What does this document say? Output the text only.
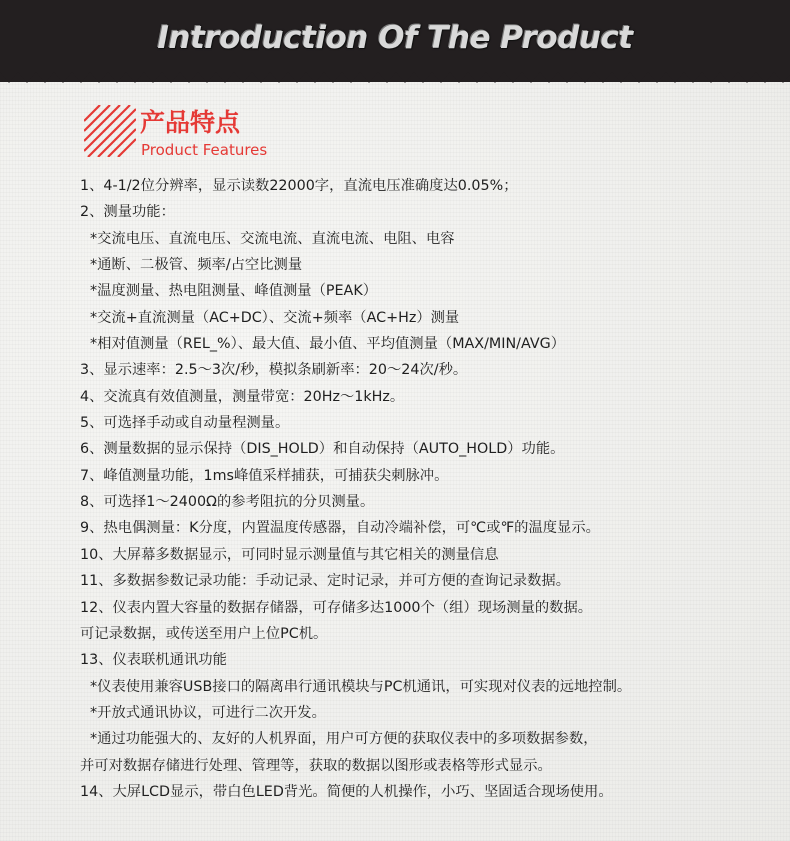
Introduction Of The Product
产品特点
Product Features
1、4-1/2位分辨率，显示读数22000字，直流电压准确度达0.05%；
2、测量功能：
*交流电压、直流电压、交流电流、直流电流、电阻、电容
*通断、二极管、频率/占空比测量
*温度测量、热电阻测量、峰值测量（PEAK）
*交流+直流测量（AC+DC）、交流+频率（AC+Hz）测量
*相对值测量（REL_%）、最大值、最小值、平均值测量（MAX/MIN/AVG）
3、显示速率：2.5～3次/秒，模拟条刷新率：20～24次/秒。
4、交流真有效值测量，测量带宽：20Hz～1kHz。
5、可选择手动或自动量程测量。
6、测量数据的显示保持（DIS_HOLD）和自动保持（AUTO_HOLD）功能。
7、峰值测量功能，1ms峰值采样捕获，可捕获尖刺脉冲。
8、可选择1～2400Ω的参考阻抗的分贝测量。
9、热电偶测量：K分度，内置温度传感器，自动冷端补偿，可℃或℉的温度显示。
10、大屏幕多数据显示，可同时显示测量值与其它相关的测量信息
11、多数据参数记录功能：手动记录、定时记录，并可方便的查询记录数据。
12、仪表内置大容量的数据存储器，可存储多达1000个（组）现场测量的数据。
可记录数据，或传送至用户上位PC机。
13、仪表联机通讯功能
*仪表使用兼容USB接口的隔离串行通讯模块与PC机通讯，可实现对仪表的远地控制。
*开放式通讯协议，可进行二次开发。
*通过功能强大的、友好的人机界面，用户可方便的获取仪表中的多项数据参数，
并可对数据存储进行处理、管理等，获取的数据以图形或表格等形式显示。
14、大屏LCD显示，带白色LED背光。简便的人机操作，小巧、坚固适合现场使用。
